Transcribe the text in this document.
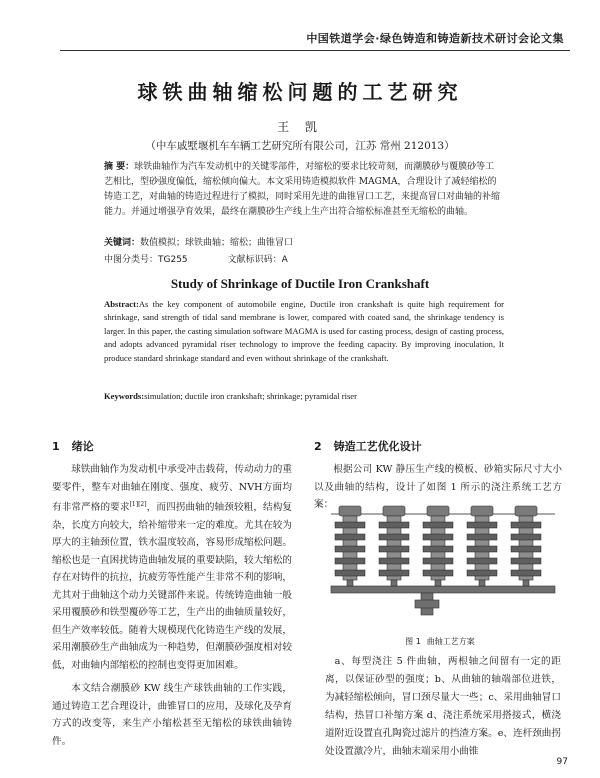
中国铁道学会·绿色铸造和铸造新技术研讨会论文集
球铁曲轴缩松问题的工艺研究
王 凯
（中车戚墅堰机车车辆工艺研究所有限公司，江苏 常州 212013）
摘 要：球铁曲轴作为汽车发动机中的关键零部件，对缩松的要求比较苛刻，而潮膜砂与覆膜砂等工艺相比，型砂强度偏低，缩松倾向偏大。本文采用铸造模拟软件 MAGMA，合理设计了减轻缩松的铸造工艺，对曲轴的铸造过程进行了模拟，同时采用先进的曲锥冒口工艺，来提高冒口对曲轴的补缩能力。并通过增强孕育效果，最终在潮膜砂生产线上生产出符合缩松标准甚至无缩松的曲轴。
关键词：数值模拟；球铁曲轴；缩松；曲锥冒口
中图分类号：TG255	文献标识码：A
Study of Shrinkage of Ductile Iron Crankshaft
Abstract:As the key component of automobile engine, Ductile iron crankshaft is quite high requirement for shrinkage, sand strength of tidal sand membrane is lower, compared with coated sand, the shrinkage tendency is larger. In this paper, the casting simulation software MAGMA is used for casting process, design of casting process, and adopts advanced pyramidal riser technology to improve the feeding capacity. By improving inoculation, It produce standard shrinkage standard and even without shrinkage of the crankshaft.
Keywords:simulation; ductile iron crankshaft; shrinkage; pyramidal riser
1 绪论

球铁曲轴作为发动机中承受冲击载荷，传动动力的重要零件，整车对曲轴在刚度、强度、疲劳、NVH方面均有非常严格的要求[1][2]，而四拐曲轴的轴颈较粗，结构复杂，长度方向较大，给补缩带来一定的难度。尤其在较为厚大的主轴颈位置，铁水温度较高，容易形成缩松问题。缩松也是一直困扰铸造曲轴发展的重要缺陷，较大缩松的存在对铸件的抗拉，抗疲劳等性能产生非常不利的影响，尤其对于曲轴这个动力关键部件来说。传统铸造曲轴一般采用覆膜砂和铁型覆砂等工艺，生产出的曲轴质量较好，但生产效率较低。随着大规模现代化铸造生产线的发展，采用潮膜砂生产曲轴成为一种趋势，但潮膜砂强度相对较低，对曲轴内部缩松的控制也变得更加困难。

本文结合潮膜砂 KW 线生产球铁曲轴的工作实践，通过铸造工艺合理设计，曲锥冒口的应用，及球化及孕育方式的改变等，来生产小缩松甚至无缩松的球铁曲轴铸件。

2 铸造工艺优化设计

根据公司 KW 静压生产线的模板、砂箱实际尺寸大小以及曲轴的结构，设计了如图 1 所示的浇注系统工艺方案：

图 1 曲轴工艺方案

a、每型浇注 5 件曲轴，两根轴之间留有一定的距离，以保证砂型的强度；b、从曲轴的轴端部位进铁，为减轻缩松倾向，冒口颈尽量大一些；c、采用曲轴冒口结构，热冒口补缩方案 d、浇注系统采用搭接式，横浇道附近设置直孔陶瓷过滤片的挡渣方案。e、连杆颈曲拐处设置激冷片，曲轴末端采用小曲锥

97
